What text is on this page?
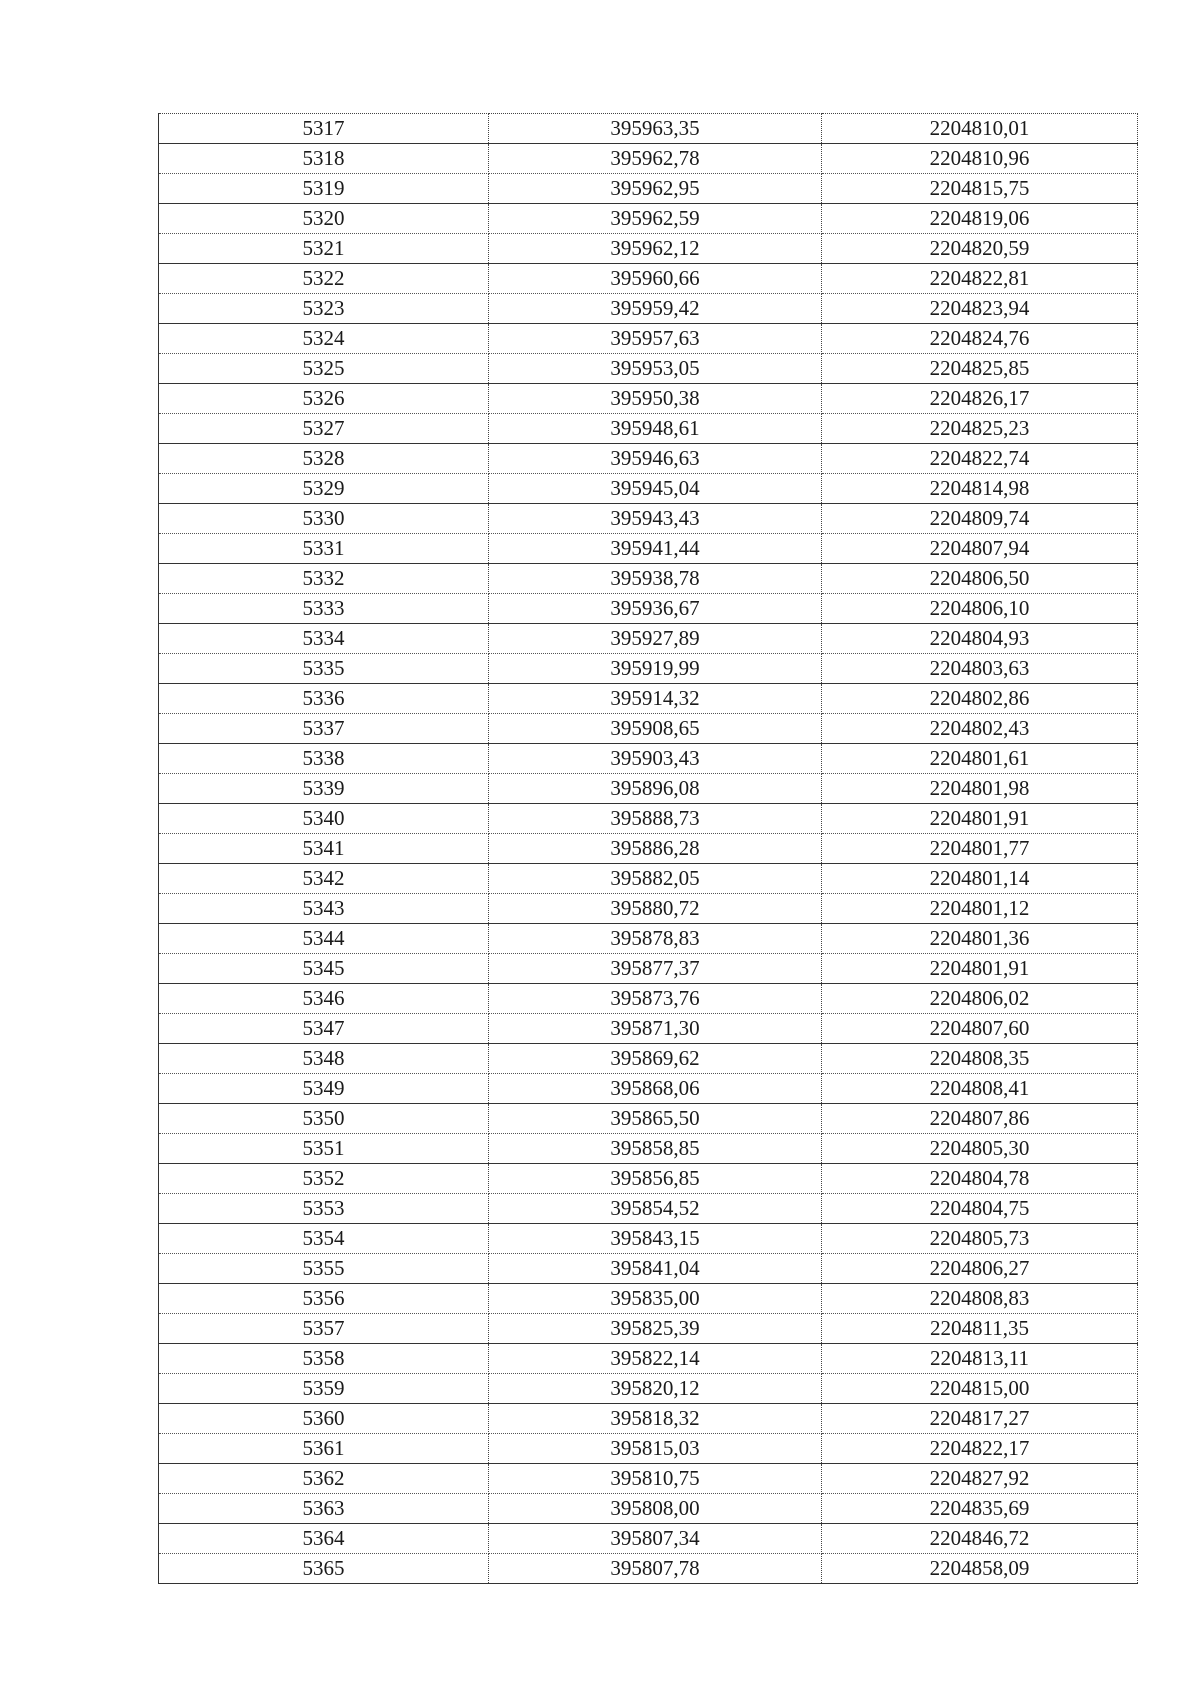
5317	395963,35	2204810,01
5318	395962,78	2204810,96
5319	395962,95	2204815,75
5320	395962,59	2204819,06
5321	395962,12	2204820,59
5322	395960,66	2204822,81
5323	395959,42	2204823,94
5324	395957,63	2204824,76
5325	395953,05	2204825,85
5326	395950,38	2204826,17
5327	395948,61	2204825,23
5328	395946,63	2204822,74
5329	395945,04	2204814,98
5330	395943,43	2204809,74
5331	395941,44	2204807,94
5332	395938,78	2204806,50
5333	395936,67	2204806,10
5334	395927,89	2204804,93
5335	395919,99	2204803,63
5336	395914,32	2204802,86
5337	395908,65	2204802,43
5338	395903,43	2204801,61
5339	395896,08	2204801,98
5340	395888,73	2204801,91
5341	395886,28	2204801,77
5342	395882,05	2204801,14
5343	395880,72	2204801,12
5344	395878,83	2204801,36
5345	395877,37	2204801,91
5346	395873,76	2204806,02
5347	395871,30	2204807,60
5348	395869,62	2204808,35
5349	395868,06	2204808,41
5350	395865,50	2204807,86
5351	395858,85	2204805,30
5352	395856,85	2204804,78
5353	395854,52	2204804,75
5354	395843,15	2204805,73
5355	395841,04	2204806,27
5356	395835,00	2204808,83
5357	395825,39	2204811,35
5358	395822,14	2204813,11
5359	395820,12	2204815,00
5360	395818,32	2204817,27
5361	395815,03	2204822,17
5362	395810,75	2204827,92
5363	395808,00	2204835,69
5364	395807,34	2204846,72
5365	395807,78	2204858,09
